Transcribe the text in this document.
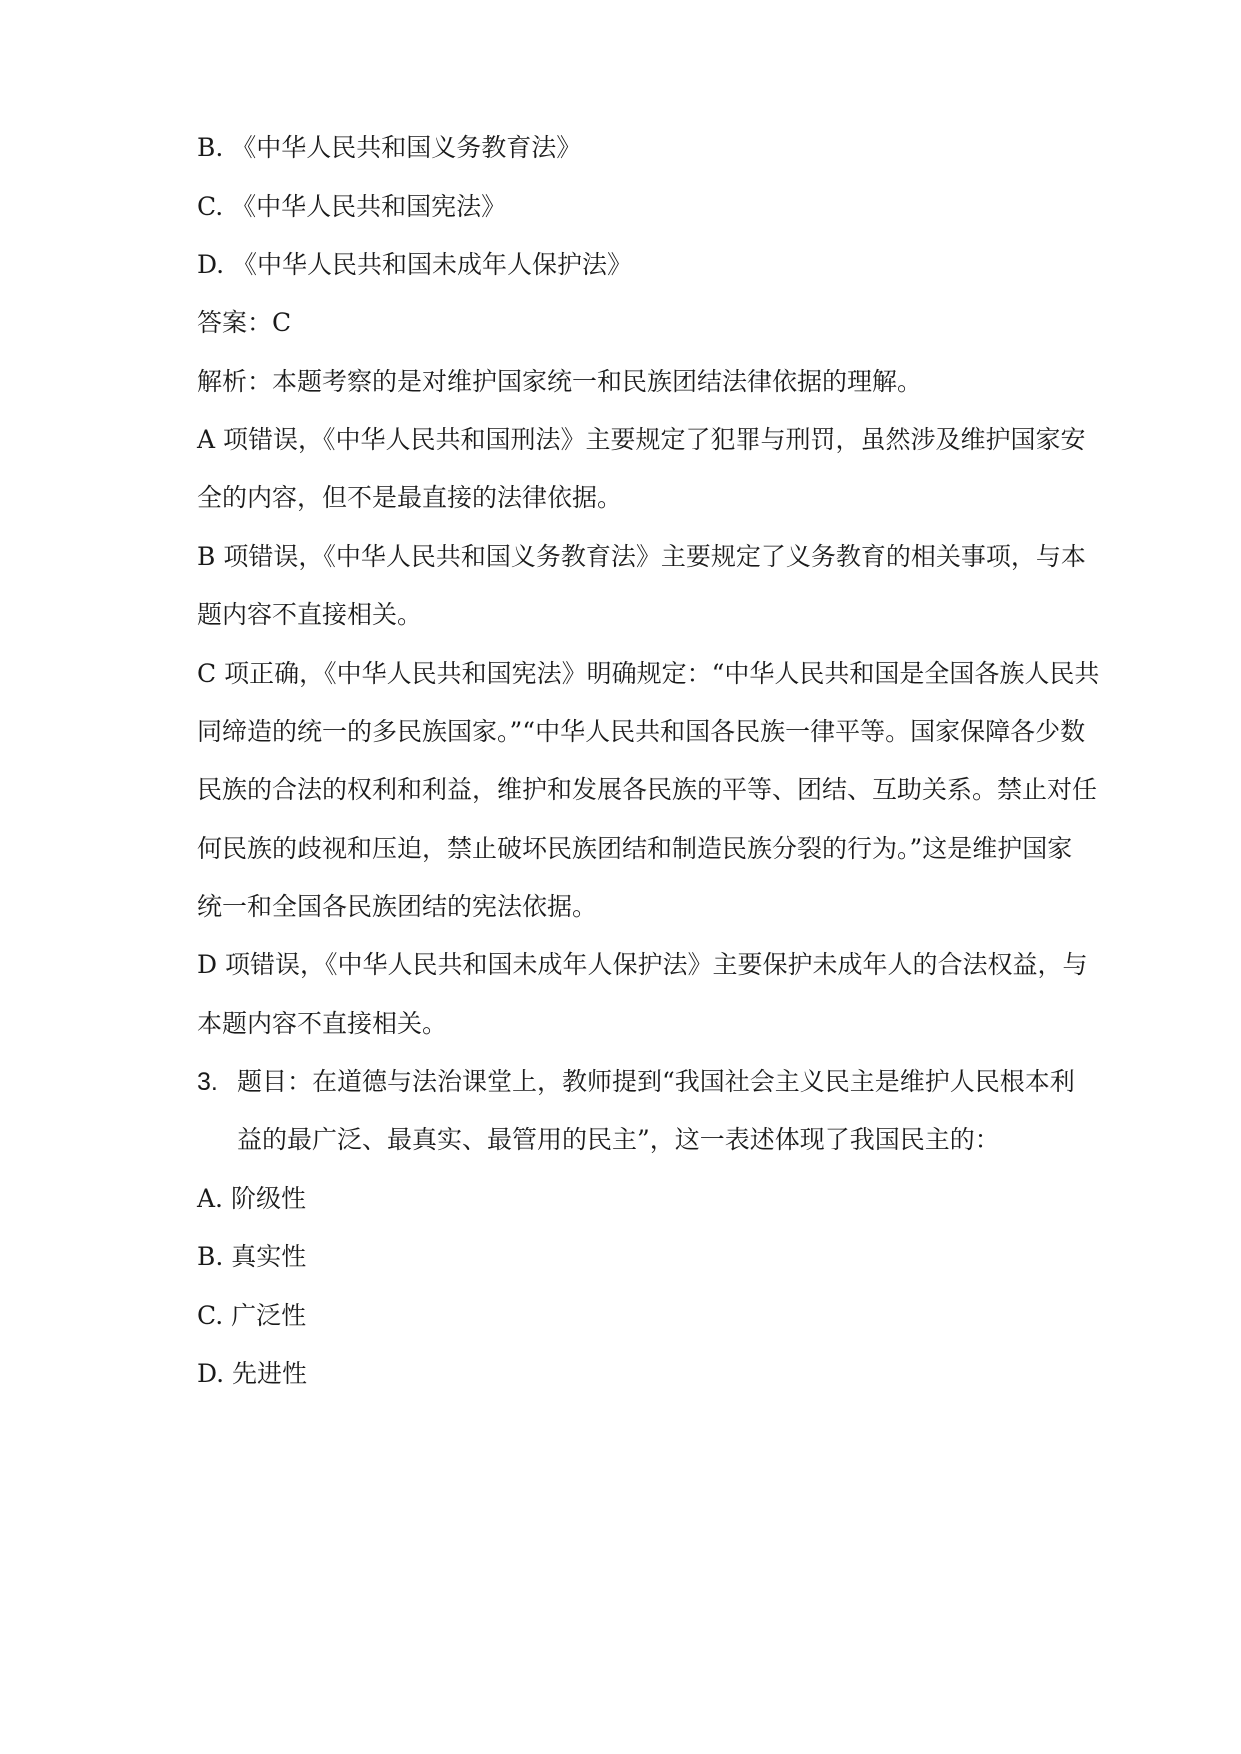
B. 《中华人民共和国义务教育法》
C. 《中华人民共和国宪法》
D. 《中华人民共和国未成年人保护法》
答案：C
解析：本题考察的是对维护国家统一和民族团结法律依据的理解。
A 项错误，《中华人民共和国刑法》主要规定了犯罪与刑罚，虽然涉及维护国家安
全的内容，但不是最直接的法律依据。
B 项错误，《中华人民共和国义务教育法》主要规定了义务教育的相关事项，与本
题内容不直接相关。
C 项正确，《中华人民共和国宪法》明确规定：“中华人民共和国是全国各族人民共
同缔造的统一的多民族国家。”“中华人民共和国各民族一律平等。国家保障各少数
民族的合法的权利和利益，维护和发展各民族的平等、团结、互助关系。禁止对任
何民族的歧视和压迫，禁止破坏民族团结和制造民族分裂的行为。”这是维护国家
统一和全国各民族团结的宪法依据。
D 项错误，《中华人民共和国未成年人保护法》主要保护未成年人的合法权益，与
本题内容不直接相关。
3. 题目：在道德与法治课堂上，教师提到“我国社会主义民主是维护人民根本利
益的最广泛、最真实、最管用的民主”，这一表述体现了我国民主的：
A. 阶级性
B. 真实性
C. 广泛性
D. 先进性
